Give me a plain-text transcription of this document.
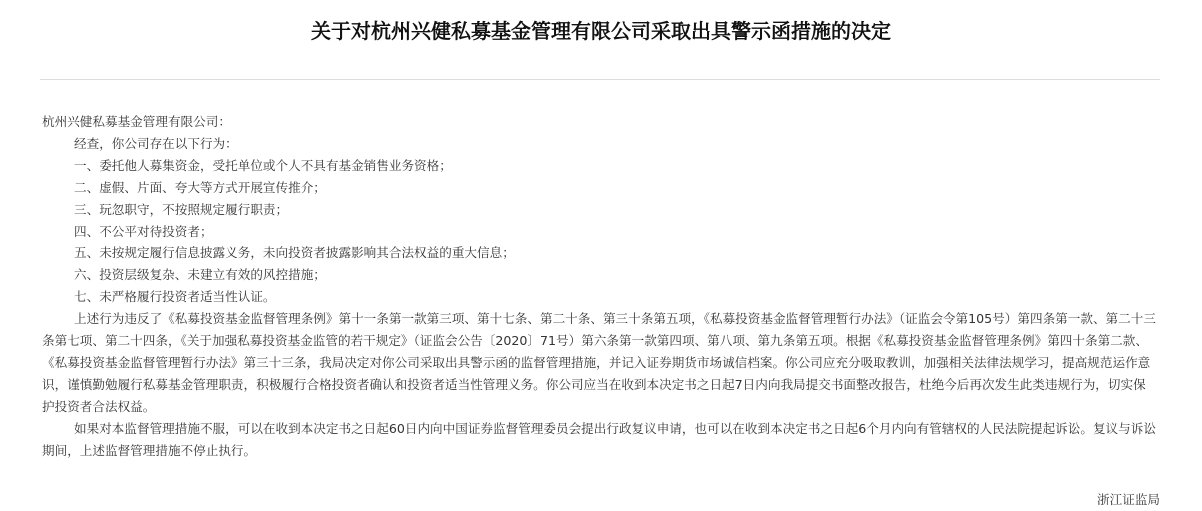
关于对杭州兴健私募基金管理有限公司采取出具警示函措施的决定

杭州兴健私募基金管理有限公司：

经查，你公司存在以下行为：

一、委托他人募集资金，受托单位或个人不具有基金销售业务资格；

二、虚假、片面、夸大等方式开展宣传推介；

三、玩忽职守，不按照规定履行职责；

四、不公平对待投资者；

五、未按规定履行信息披露义务，未向投资者披露影响其合法权益的重大信息；

六、投资层级复杂、未建立有效的风控措施；

七、未严格履行投资者适当性认证。

上述行为违反了《私募投资基金监督管理条例》第十一条第一款第三项、第十七条、第二十条、第三十条第五项，《私募投资基金监督管理暂行办法》（证监会令第105号）第四条第一款、第二十三条第七项、第二十四条，《关于加强私募投资基金监管的若干规定》（证监会公告〔2020〕71号）第六条第一款第四项、第八项、第九条第五项。根据《私募投资基金监督管理条例》第四十条第二款、《私募投资基金监督管理暂行办法》第三十三条，我局决定对你公司采取出具警示函的监督管理措施，并记入证券期货市场诚信档案。你公司应充分吸取教训，加强相关法律法规学习，提高规范运作意识，谨慎勤勉履行私募基金管理职责，积极履行合格投资者确认和投资者适当性管理义务。你公司应当在收到本决定书之日起7日内向我局提交书面整改报告，杜绝今后再次发生此类违规行为，切实保护投资者合法权益。

如果对本监督管理措施不服，可以在收到本决定书之日起60日内向中国证券监督管理委员会提出行政复议申请，也可以在收到本决定书之日起6个月内向有管辖权的人民法院提起诉讼。复议与诉讼期间，上述监督管理措施不停止执行。

浙江证监局
